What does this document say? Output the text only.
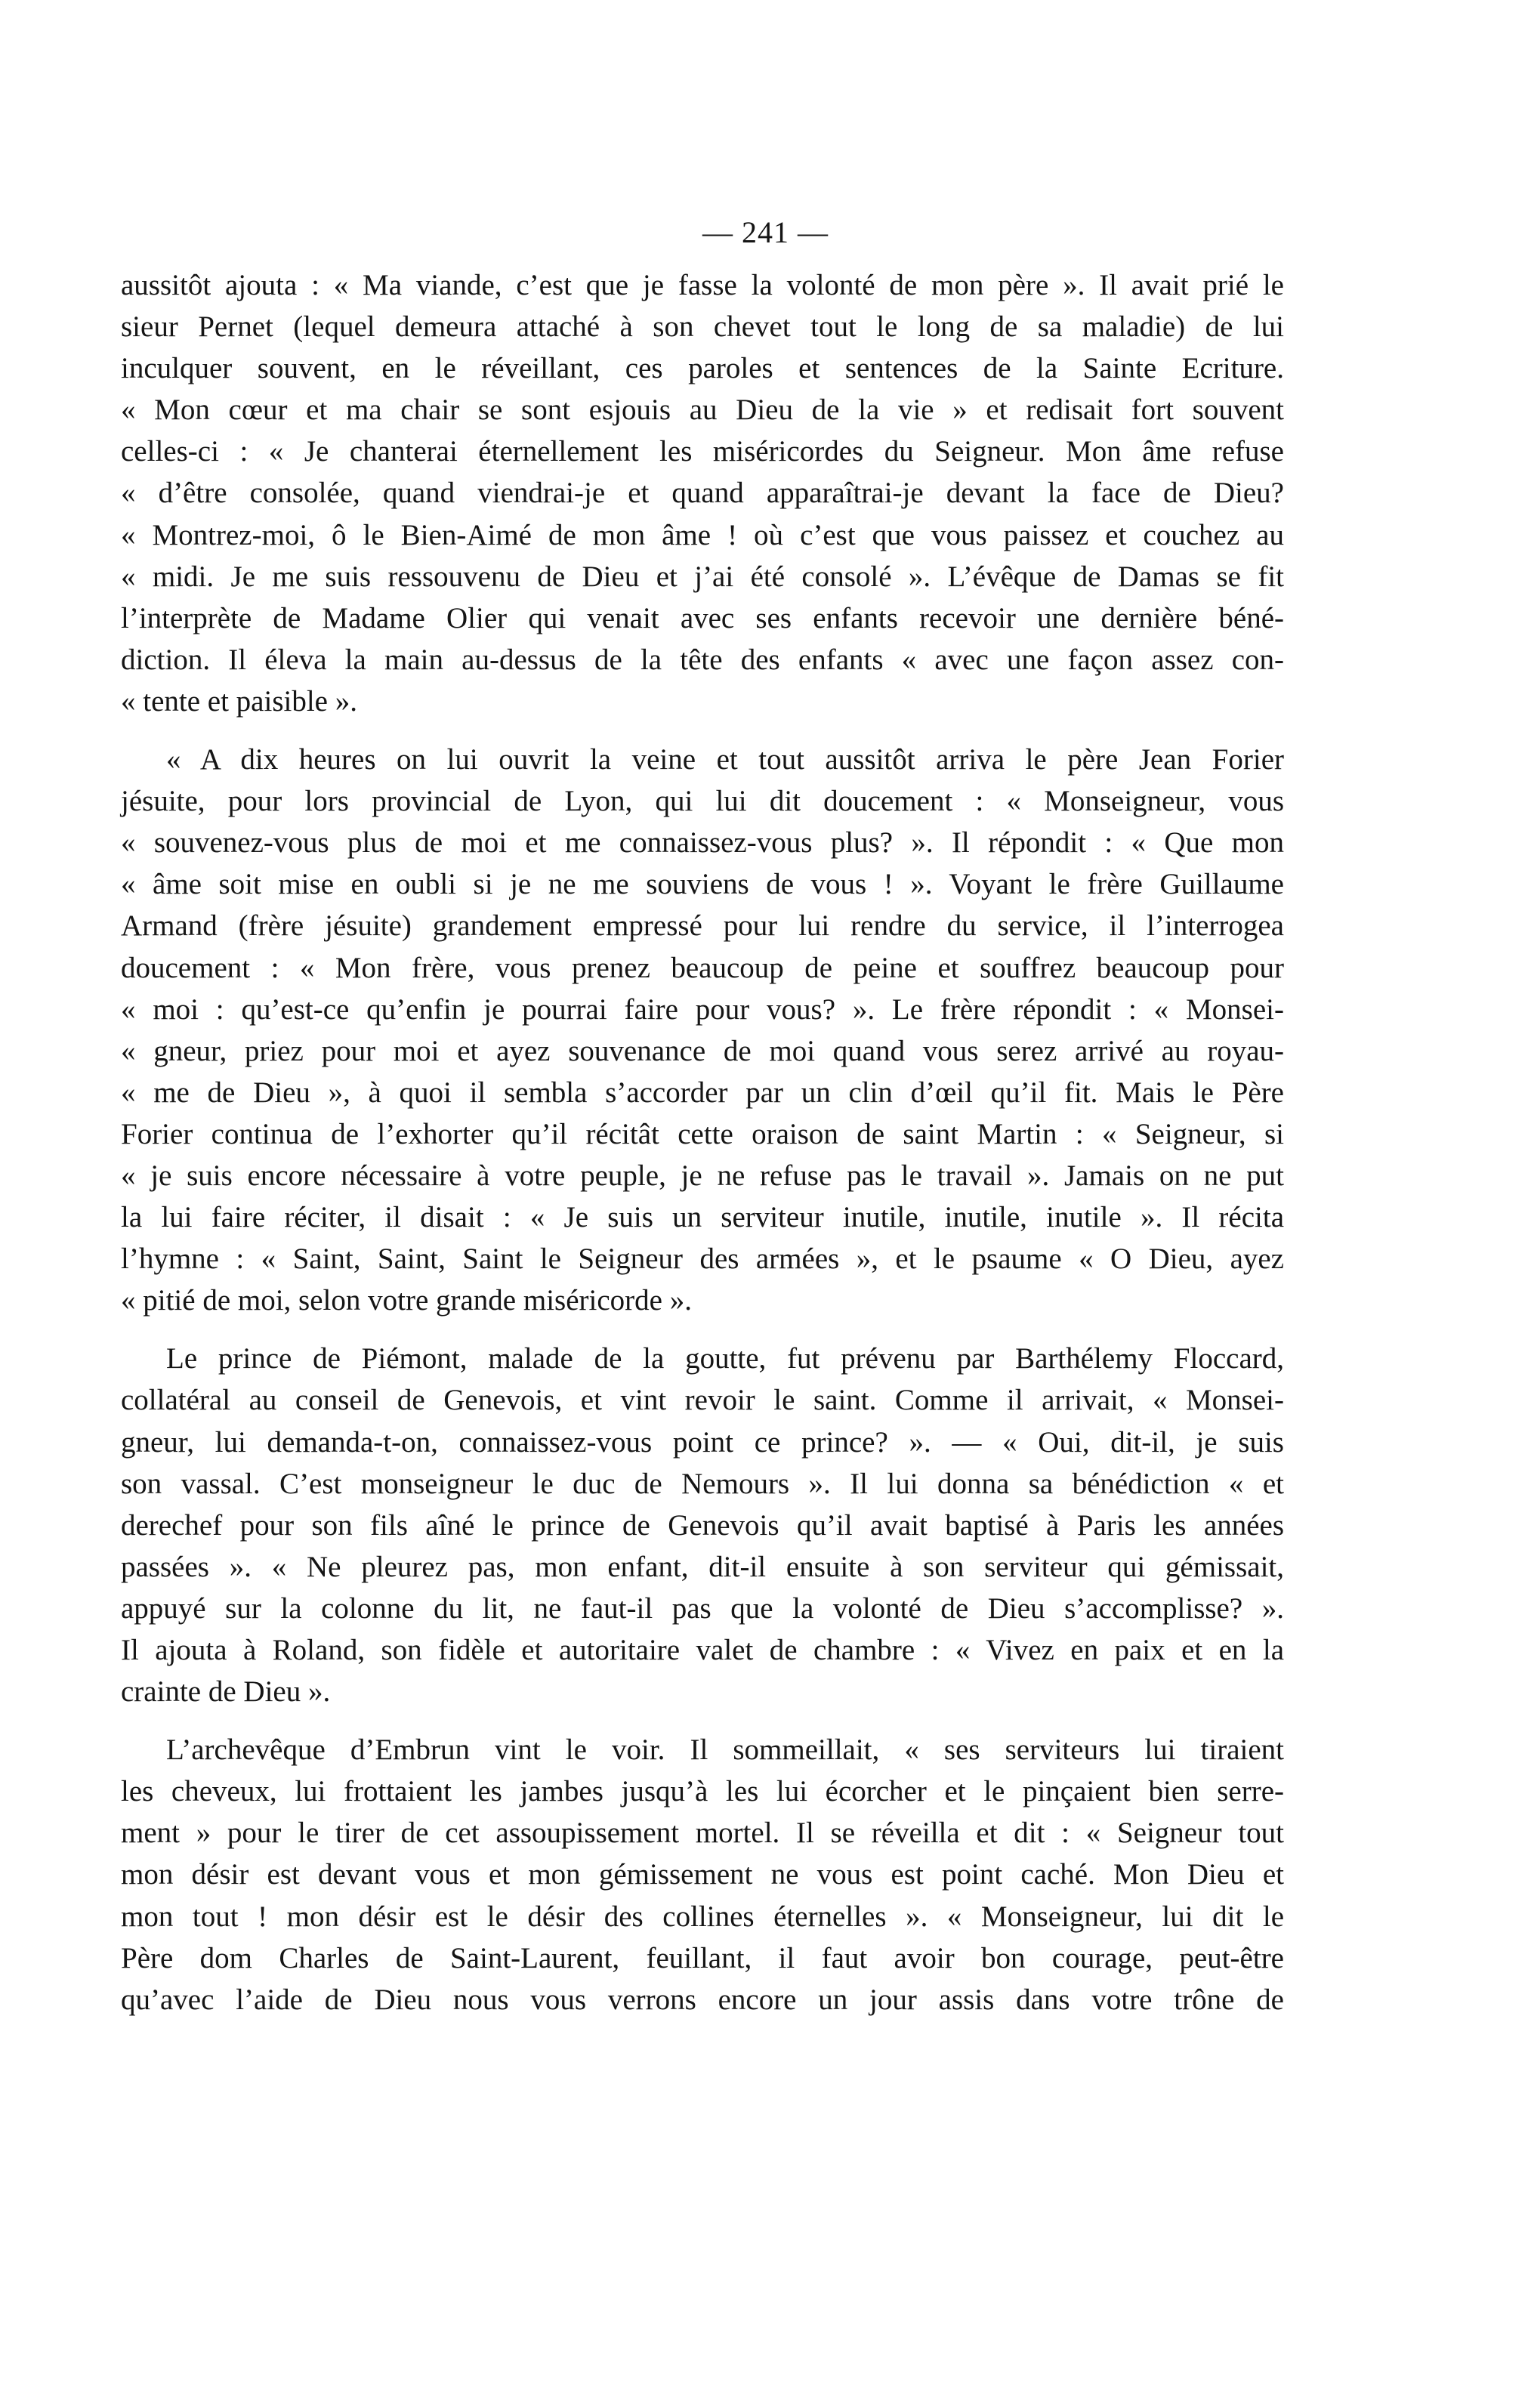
— 241 —
aussitôt ajouta : « Ma viande, c’est que je fasse la volonté de mon père ». Il avait prié le
sieur Pernet (lequel demeura attaché à son chevet tout le long de sa maladie) de lui
inculquer souvent, en le réveillant, ces paroles et sentences de la Sainte Ecriture.
« Mon cœur et ma chair se sont esjouis au Dieu de la vie » et redisait fort souvent
celles-ci : « Je chanterai éternellement les miséricordes du Seigneur. Mon âme refuse
« d’être consolée, quand viendrai-je et quand apparaîtrai-je devant la face de Dieu?
« Montrez-moi, ô le Bien-Aimé de mon âme ! où c’est que vous paissez et couchez au
« midi. Je me suis ressouvenu de Dieu et j’ai été consolé ». L’évêque de Damas se fit
l’interprète de Madame Olier qui venait avec ses enfants recevoir une dernière béné-
diction. Il éleva la main au-dessus de la tête des enfants « avec une façon assez con-
« tente et paisible ».
« A dix heures on lui ouvrit la veine et tout aussitôt arriva le père Jean Forier
jésuite, pour lors provincial de Lyon, qui lui dit doucement : « Monseigneur, vous
« souvenez-vous plus de moi et me connaissez-vous plus? ». Il répondit : « Que mon
« âme soit mise en oubli si je ne me souviens de vous ! ». Voyant le frère Guillaume
Armand (frère jésuite) grandement empressé pour lui rendre du service, il l’interrogea
doucement : « Mon frère, vous prenez beaucoup de peine et souffrez beaucoup pour
« moi : qu’est-ce qu’enfin je pourrai faire pour vous? ». Le frère répondit : « Monsei-
« gneur, priez pour moi et ayez souvenance de moi quand vous serez arrivé au royau-
« me de Dieu », à quoi il sembla s’accorder par un clin d’œil qu’il fit. Mais le Père
Forier continua de l’exhorter qu’il récitât cette oraison de saint Martin : « Seigneur, si
« je suis encore nécessaire à votre peuple, je ne refuse pas le travail ». Jamais on ne put
la lui faire réciter, il disait : « Je suis un serviteur inutile, inutile, inutile ». Il récita
l’hymne : « Saint, Saint, Saint le Seigneur des armées », et le psaume « O Dieu, ayez
« pitié de moi, selon votre grande miséricorde ».
Le prince de Piémont, malade de la goutte, fut prévenu par Barthélemy Floccard,
collatéral au conseil de Genevois, et vint revoir le saint. Comme il arrivait, « Monsei-
gneur, lui demanda-t-on, connaissez-vous point ce prince? ». — « Oui, dit-il, je suis
son vassal. C’est monseigneur le duc de Nemours ». Il lui donna sa bénédiction « et
derechef pour son fils aîné le prince de Genevois qu’il avait baptisé à Paris les années
passées ». « Ne pleurez pas, mon enfant, dit-il ensuite à son serviteur qui gémissait,
appuyé sur la colonne du lit, ne faut-il pas que la volonté de Dieu s’accomplisse? ».
Il ajouta à Roland, son fidèle et autoritaire valet de chambre : « Vivez en paix et en la
crainte de Dieu ».
L’archevêque d’Embrun vint le voir. Il sommeillait, « ses serviteurs lui tiraient
les cheveux, lui frottaient les jambes jusqu’à les lui écorcher et le pinçaient bien serre-
ment » pour le tirer de cet assoupissement mortel. Il se réveilla et dit : « Seigneur tout
mon désir est devant vous et mon gémissement ne vous est point caché. Mon Dieu et
mon tout ! mon désir est le désir des collines éternelles ». « Monseigneur, lui dit le
Père dom Charles de Saint-Laurent, feuillant, il faut avoir bon courage, peut-être
qu’avec l’aide de Dieu nous vous verrons encore un jour assis dans votre trône de
